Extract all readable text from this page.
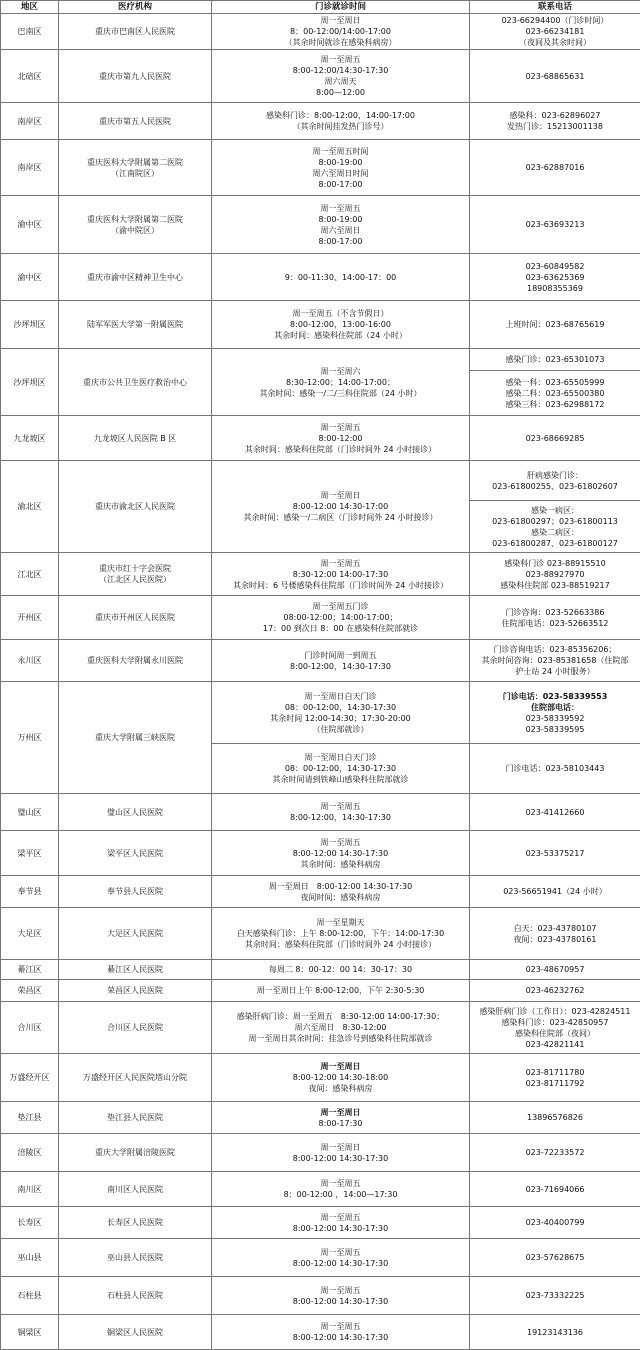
地区	医疗机构	门诊就诊时间	联系电话
巴南区	重庆市巴南区人民医院	周一至周日
8：00-12:00/14:00-17:00
（其余时间就诊在感染科病房）	023-66294400（门诊时间）
023-66234181
（夜间及其余时间）

北碚区	重庆市第九人民医院	周一至周五
8:00-12:00/14:30-17:30
周六周天
8:00—12:00	023-68865631

南岸区	重庆市第五人民医院	感染科门诊：8:00-12:00，14:00-17:00
（其余时间挂发热门诊号）	感染科：023-62896027
发热门诊：15213001138

南岸区	重庆医科大学附属第二医院
（江南院区）	周一至周五时间
8:00-19:00
周六至周日时间
8:00-17:00	023-62887016

渝中区	重庆医科大学附属第二医院
（渝中院区）	周一至周五
8:00-19:00
周六至周日
8:00-17:00	023-63693213

渝中区	重庆市渝中区精神卫生中心	9：00-11:30、14:00-17：00	023-60849582
023-63625369
18908355369

沙坪坝区	陆军军医大学第一附属医院	周一至周五（不含节假日）
8:00-12:00，13:00-16:00
其余时间：感染科住院部（24 小时）	上班时间：023-68765619

沙坪坝区	重庆市公共卫生医疗救治中心	周一至周六
8:30-12:00；14:00-17:00；
其余时间：感染一/二/三科住院部（24 小时）	感染门诊：023-65301073

			感染一科：023-65505999
感染二科：023-65500380
感染三科：023-62988172

九龙坡区	九龙坡区人民医院 B 区	周一至周五
8:00-12:00
其余时间：感染科住院部（门诊时间外 24 小时接诊）	023-68669285

渝北区	重庆市渝北区人民医院	周一至周日
8:00-12:00 14:30-17:00
其余时间：感染一/二病区（门诊时间外 24 小时接诊）	肝病感染门诊：
023-61800255、023-61802607

			感染一病区：
023-61800297；023-61800113
感染二病区：
023-61800287、023-61800127

江北区	重庆市红十字会医院
（江北区人民医院）	周一至周五
8:30-12:00 14:00-17:30
其余时间：6 号楼感染科住院部（门诊时间外 24 小时接诊）	感染科门诊 023-88915510
023-88927970
感染科住院部 023-88519217

开州区	重庆市开州区人民医院	周一至周五门诊
08:00-12:00；14:00-17:00；
17：00 到次日 8：00 在感染科住院部就诊	门诊咨询：023-52663386
住院部电话：023-52663512

永川区	重庆医科大学附属永川医院	门诊时间周一到周五
8:00-12:00，14:30-17:30	门诊咨询电话：023-85356206；
其余时间咨询：023-85381658（住院部
护士站 24 小时服务）

万州区	重庆大学附属三峡医院	周一至周日白天门诊
08：00-12:00，14:30-17:30
其余时间 12:00-14:30；17:30-20:00
（住院部就诊）	门诊电话：023-58339553
住院部电话：
023-58339592
023-58339595

		周一至周日白天门诊
08：00-12:00，14:30-17:30
其余时间请到铁峰山感染科住院部就诊	门诊电话：023-58103443

璧山区	璧山区人民医院	周一至周五
8:00-12:00，14:30-17:30	023-41412660

梁平区	梁平区人民医院	周一至周五
8:00-12:00 14:30-17:30
其余时间：感染科病房	023-53375217

奉节县	奉节县人民医院	周一至周日　8:00-12:00 14:30-17:30
夜间时间：感染科病房	023-56651941（24 小时）

大足区	大足区人民医院	周一至星期天
白天感染科门诊：上午 8:00-12:00，下午：14:00-17:30
其余时间：感染科住院部（门诊时间外 24 小时接诊）	白天：023-43780107
夜间：023-43780161

綦江区	綦江区人民医院	每周二 8：00-12：00 14：30-17：30	023-48670957

荣昌区	荣昌区人民医院	周一至周日上午 8:00-12:00，下午 2:30-5:30	023-46232762

合川区	合川区人民医院	感染肝病门诊：周一至周五　8:30-12:00 14:00-17:30；
周六至周日　8:30-12:00
周一至周日其余时间：挂急诊号到感染科住院部就诊	感染肝病门诊（工作日）：023-42824511
感染科门诊：023-42850957
感染科住院部（夜间）
023-42821141

万盛经开区	万盛经开区人民医院塔山分院	周一至周日
8:00-12:00 14:30-18:00
夜间：感染科病房	023-81711780
023-81711792

垫江县	垫江县人民医院	周一至周日
8:00-17:30	13896576826

涪陵区	重庆大学附属涪陵医院	周一至周日
8:00-12:00 14:30-17:30	023-72233572

南川区	南川区人民医院	周一至周五
8：00-12:00 ，14:00—17:30	023-71694066

长寿区	长寿区人民医院	周一至周五
8:00-12:00 14:30-17:30	023-40400799

巫山县	巫山县人民医院	周一至周五
8:00-12:00 14:30-17:30	023-57628675

石柱县	石柱县人民医院	周一至周五
8:00-12:00 14:30-17:30	023-73332225

铜梁区	铜梁区人民医院	周一至周五
8:00-12:00 14:30-17:30	19123143136
